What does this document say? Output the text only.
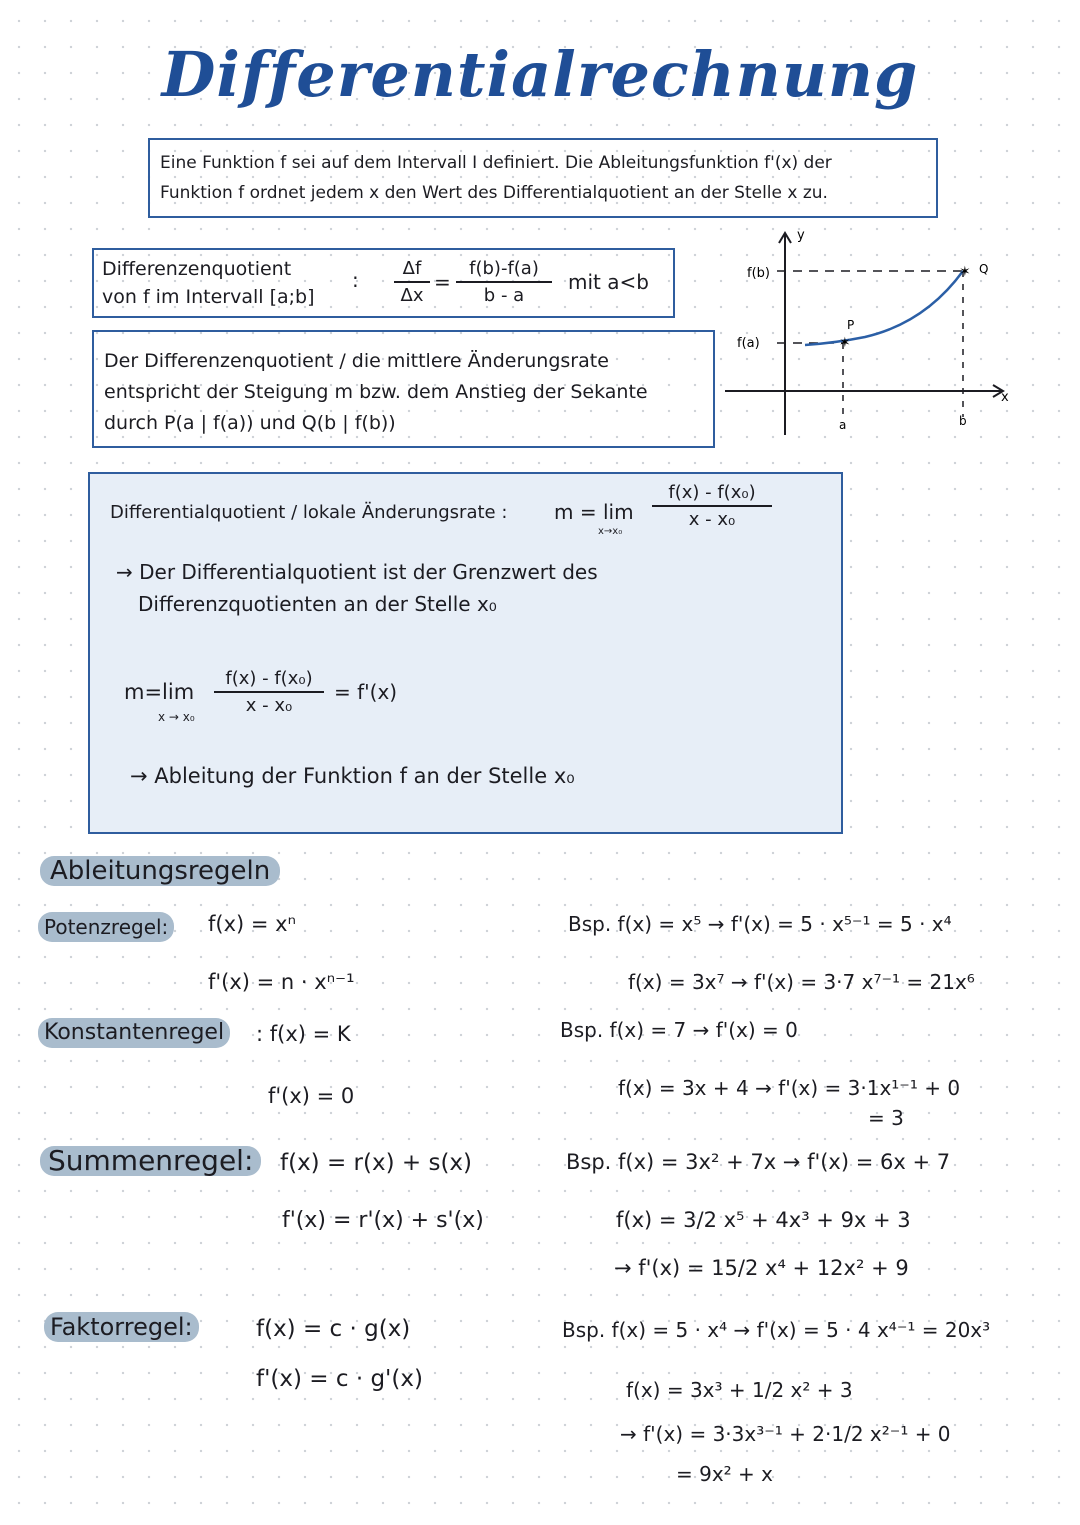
Differentialrechnung
Eine Funktion f sei auf dem Intervall I definiert. Die Ableitungsfunktion f'(x) der
Funktion f ordnet jedem x den Wert des Differentialquotient an der Stelle x zu.
Differenzenquotient
von f im Intervall [a;b]
:	Δf
Δx
=
f(b)-f(a)
b - a
mit a<b
Der Differenzenquotient / die mittlere Änderungsrate
entspricht der Steigung m bzw. dem Anstieg der Sekante
durch P(a | f(a)) und Q(b | f(b))
y
x
✶
✶
f(b)
f(a)
P
Q
a	b
Differentialquotient / lokale Änderungsrate : m = lim
x→x₀
f(x) - f(x₀)
x - x₀
→ Der Differentialquotient ist der Grenzwert des
Differenzquotienten an der Stelle x₀
m=lim
x → x₀
f(x) - f(x₀)
x - x₀
= f'(x)
→ Ableitung der Funktion f an der Stelle x₀
Ableitungsregeln
Potenzregel: f(x) = xⁿ
f'(x) = n · xⁿ⁻¹
Bsp. f(x) = x⁵ → f'(x) = 5 · x⁵⁻¹ = 5 · x⁴
f(x) = 3x⁷ → f'(x) = 3·7 x⁷⁻¹ = 21x⁶
Konstantenregel : f(x) = K
f'(x) = 0
Bsp. f(x) = 7 → f'(x) = 0
f(x) = 3x + 4 → f'(x) = 3·1x¹⁻¹ + 0
= 3
Summenregel:	f(x) = r(x) + s(x)
f'(x) = r'(x) + s'(x)
Bsp. f(x) = 3x² + 7x → f'(x) = 6x + 7
f(x) = 3/2 x⁵ + 4x³ + 9x + 3
→ f'(x) = 15/2 x⁴ + 12x² + 9
Faktorregel:	f(x) = c · g(x)
f'(x) = c · g'(x)
Bsp. f(x) = 5 · x⁴ → f'(x) = 5 · 4 x⁴⁻¹ = 20x³
f(x) = 3x³ + 1/2 x² + 3
→ f'(x) = 3·3x³⁻¹ + 2·1/2 x²⁻¹ + 0
= 9x² + x
